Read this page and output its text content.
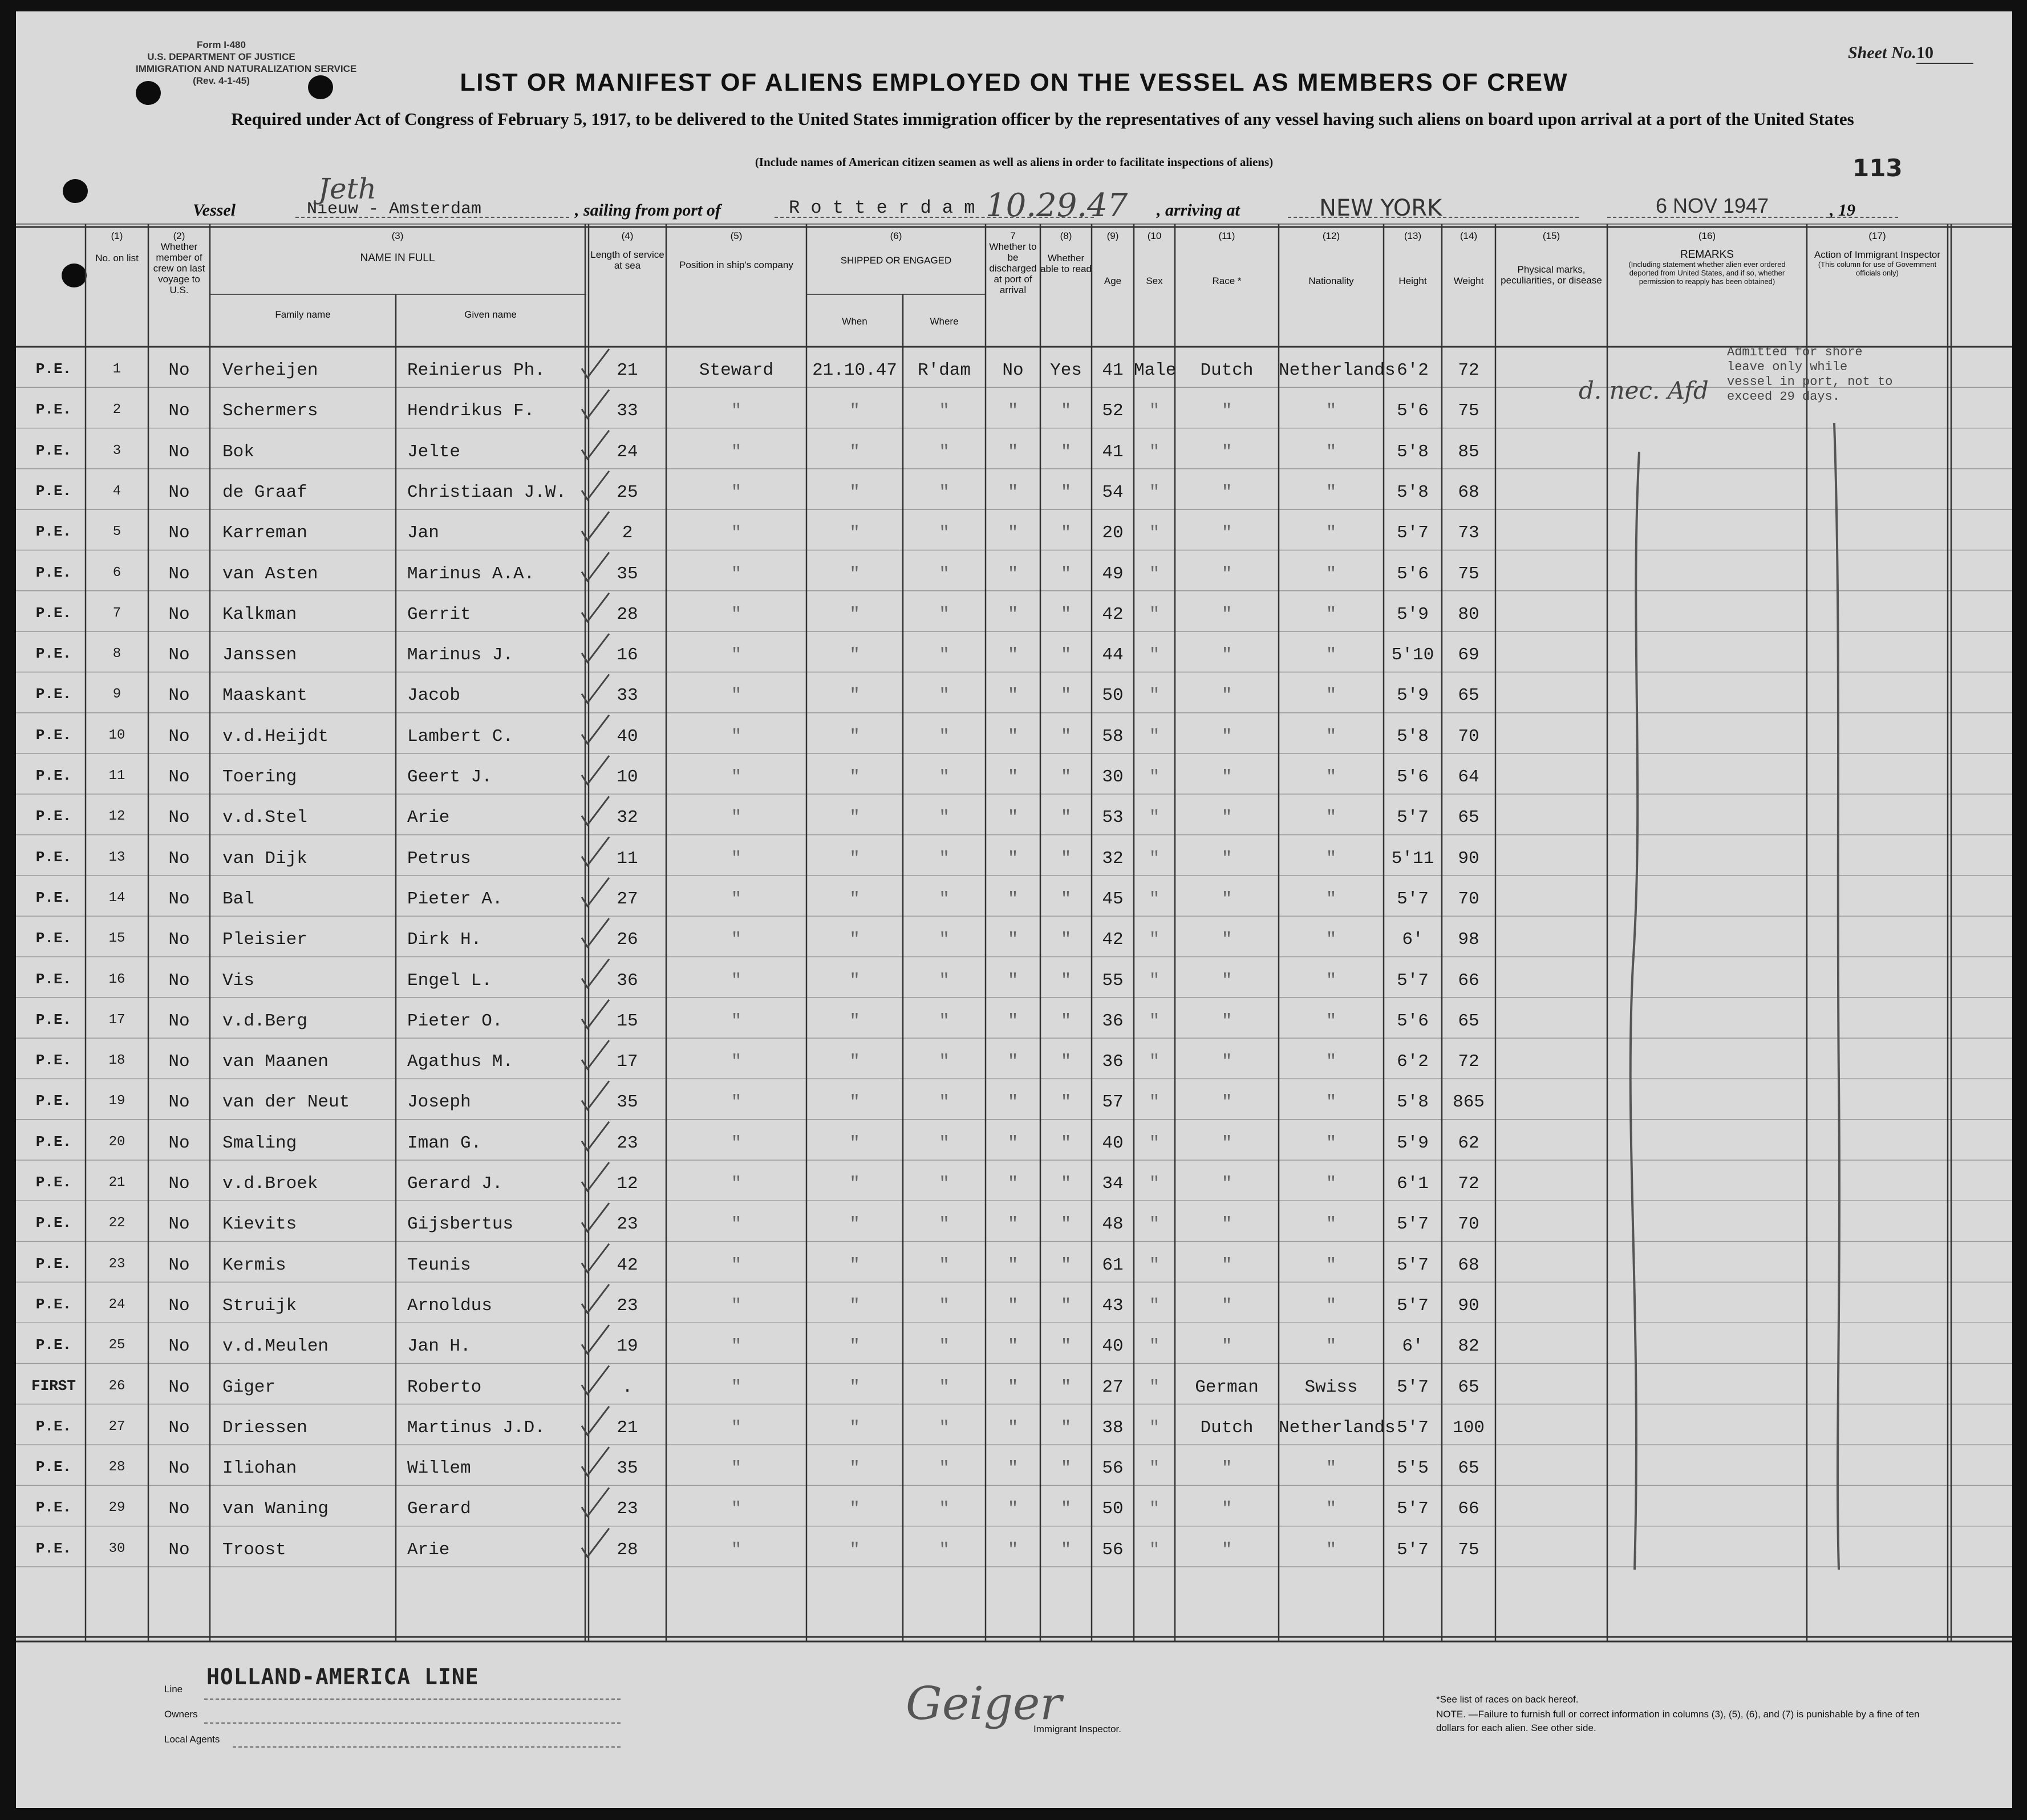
Form I-480
U.S. DEPARTMENT OF JUSTICE
IMMIGRATION AND NATURALIZATION SERVICE
(Rev. 4-1-45)
Sheet No.10
LIST OR MANIFEST OF ALIENS EMPLOYED ON THE VESSEL AS MEMBERS OF CREW
Required under Act of Congress of February 5, 1917, to be delivered to the United States immigration officer by the representatives of any vessel having such aliens on board upon arrival at a port of the United States
(Include names of American citizen seamen as well as aliens in order to facilitate inspections of aliens)	113
Vessel	Nieuw - Amsterdam
Jeth
, sailing from port of	R o t t e r d a m 10.29.47 , arriving at	NEW YORK	6 NOV 1947	, 19
(1)
No. on list
(2)
Whether member of crew on last voyage to U.S.
(3)
NAME IN FULL
Family name	Given name
(4)
Length of service at sea
(5)
Position in ship's company
(6)
SHIPPED OR ENGAGED
When	Where
7
Whether to be discharged at port of arrival
(8)
Whether able to read
(9)
Age
(10
Sex
(11)
Race *
(12)
Nationality
(13)
Height
(14)
Weight
(15)
Physical marks, peculiarities, or disease
(16)
REMARKS
(Including statement whether alien ever ordered deported from United States, and if so, whether permission to reapply has been obtained)
(17)
Action of Immigrant Inspector
(This column for use of Government officials only)
P.E.	1	No	Verheijen	Reinierus Ph.	21	Steward	21.10.47	R'dam	No	Yes	41 Male	Dutch	Netherlands 6'2	72
P.E.	2	No	Schermers	Hendrikus F.	33	"	"	"	"	"	52	"	"	"	5'6	75
P.E.	3	No	Bok	Jelte	24	"	"	"	"	"	41	"	"	"	5'8	85
P.E.	4	No	de Graaf	Christiaan J.W.	25	"	"	"	"	"	54	"	"	"	5'8	68
P.E.	5	No	Karreman	Jan	2	"	"	"	"	"	20	"	"	"	5'7	73
P.E.	6	No	van Asten	Marinus A.A.	35	"	"	"	"	"	49	"	"	"	5'6	75
P.E.	7	No	Kalkman	Gerrit	28	"	"	"	"	"	42	"	"	"	5'9	80
P.E.	8	No	Janssen	Marinus J.	16	"	"	"	"	"	44	"	"	"	5'10	69
P.E.	9	No	Maaskant	Jacob	33	"	"	"	"	"	50	"	"	"	5'9	65
P.E.	10	No	v.d.Heijdt	Lambert C.	40	"	"	"	"	"	58	"	"	"	5'8	70
P.E.	11	No	Toering	Geert J.	10	"	"	"	"	"	30	"	"	"	5'6	64
P.E.	12	No	v.d.Stel	Arie	32	"	"	"	"	"	53	"	"	"	5'7	65
P.E.	13	No	van Dijk	Petrus	11	"	"	"	"	"	32	"	"	"	5'11	90
P.E.	14	No	Bal	Pieter A.	27	"	"	"	"	"	45	"	"	"	5'7	70
P.E.	15	No	Pleisier	Dirk H.	26	"	"	"	"	"	42	"	"	"	6'	98
P.E.	16	No	Vis	Engel L.	36	"	"	"	"	"	55	"	"	"	5'7	66
P.E.	17	No	v.d.Berg	Pieter O.	15	"	"	"	"	"	36	"	"	"	5'6	65
P.E.	18	No	van Maanen	Agathus M.	17	"	"	"	"	"	36	"	"	"	6'2	72
P.E.	19	No	van der Neut	Joseph	35	"	"	"	"	"	57	"	"	"	5'8	865
P.E.	20	No	Smaling	Iman G.	23	"	"	"	"	"	40	"	"	"	5'9	62
P.E.	21	No	v.d.Broek	Gerard J.	12	"	"	"	"	"	34	"	"	"	6'1	72
P.E.	22	No	Kievits	Gijsbertus	23	"	"	"	"	"	48	"	"	"	5'7	70
P.E.	23	No	Kermis	Teunis	42	"	"	"	"	"	61	"	"	"	5'7	68
P.E.	24	No	Struijk	Arnoldus	23	"	"	"	"	"	43	"	"	"	5'7	90
P.E.	25	No	v.d.Meulen	Jan H.	19	"	"	"	"	"	40	"	"	"	6'	82
FIRST	26	No	Giger	Roberto	.	"	"	"	"	"	27	"	German	Swiss	5'7	65
P.E.	27	No	Driessen	Martinus J.D.	21	"	"	"	"	"	38	"	Dutch	Netherlands 5'7	100
P.E.	28	No	Iliohan	Willem	35	"	"	"	"	"	56	"	"	"	5'5	65
P.E.	29	No	van Waning	Gerard	23	"	"	"	"	"	50	"	"	"	5'7	66
P.E.	30	No	Troost	Arie	28	"	"	"	"	"	56	"	"	"	5'7	75
Admitted for shore leave only while vessel in port, not to exceed 29 days.
d. nec. Afd
Line HOLLAND-AMERICA LINE
Owners
Local Agents
Geiger
Immigrant Inspector.
*See list of races on back hereof.
NOTE. —Failure to furnish full or correct information in columns (3), (5), (6), and (7) is punishable by a fine of ten dollars for each alien. See other side.
